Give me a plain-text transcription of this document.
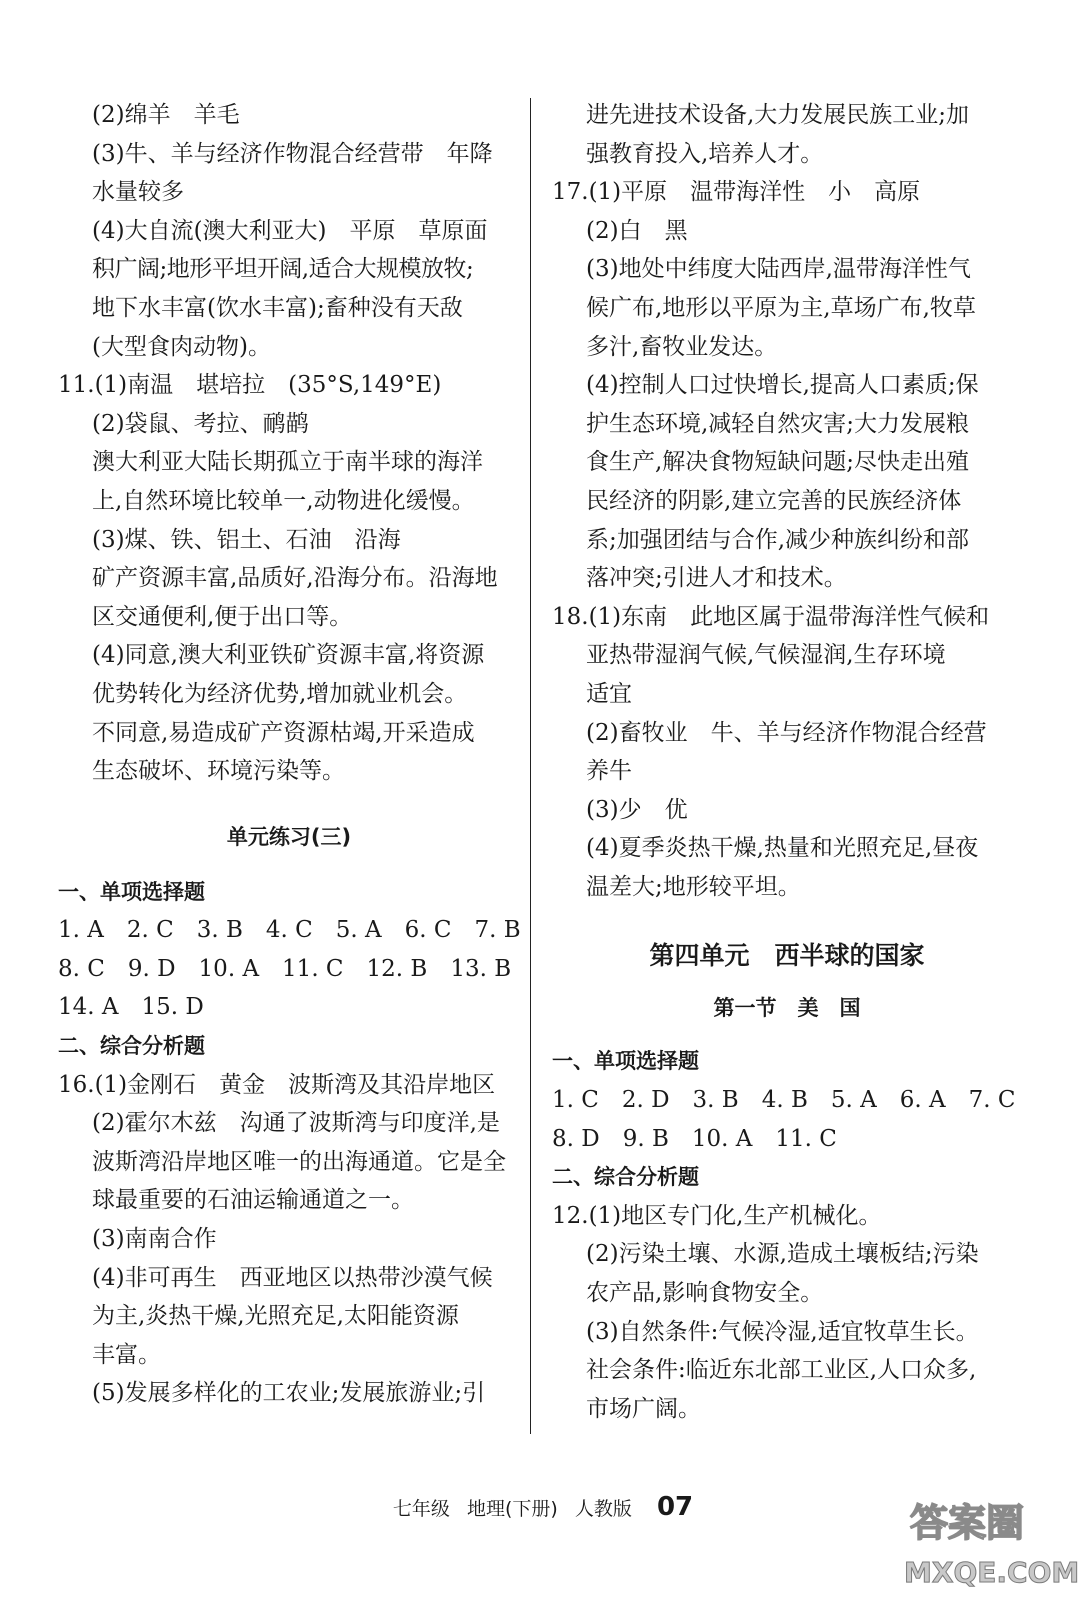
(2)绵羊　羊毛
(3)牛、羊与经济作物混合经营带　年降
水量较多
(4)大自流(澳大利亚大)　平原　草原面
积广阔;地形平坦开阔,适合大规模放牧;
地下水丰富(饮水丰富);畜种没有天敌
(大型食肉动物)。
11.(1)南温　堪培拉　(35°S,149°E)
(2)袋鼠、考拉、鸸鹋
澳大利亚大陆长期孤立于南半球的海洋
上,自然环境比较单一,动物进化缓慢。
(3)煤、铁、铝土、石油　沿海
矿产资源丰富,品质好,沿海分布。沿海地
区交通便利,便于出口等。
(4)同意,澳大利亚铁矿资源丰富,将资源
优势转化为经济优势,增加就业机会。
不同意,易造成矿产资源枯竭,开采造成
生态破坏、环境污染等。
单元练习(三)
一、单项选择题
1. A　2. C　3. B　4. C　5. A　6. C　7. B
8. C　9. D　10. A　11. C　12. B　13. B
14. A　15. D
二、综合分析题
16.(1)金刚石　黄金　波斯湾及其沿岸地区
(2)霍尔木兹　沟通了波斯湾与印度洋,是
波斯湾沿岸地区唯一的出海通道。它是全
球最重要的石油运输通道之一。
(3)南南合作
(4)非可再生　西亚地区以热带沙漠气候
为主,炎热干燥,光照充足,太阳能资源
丰富。
(5)发展多样化的工农业;发展旅游业;引
进先进技术设备,大力发展民族工业;加
强教育投入,培养人才。
17.(1)平原　温带海洋性　小　高原
(2)白　黑
(3)地处中纬度大陆西岸,温带海洋性气
候广布,地形以平原为主,草场广布,牧草
多汁,畜牧业发达。
(4)控制人口过快增长,提高人口素质;保
护生态环境,减轻自然灾害;大力发展粮
食生产,解决食物短缺问题;尽快走出殖
民经济的阴影,建立完善的民族经济体
系;加强团结与合作,减少种族纠纷和部
落冲突;引进人才和技术。
18.(1)东南　此地区属于温带海洋性气候和
亚热带湿润气候,气候湿润,生存环境
适宜
(2)畜牧业　牛、羊与经济作物混合经营
养牛
(3)少　优
(4)夏季炎热干燥,热量和光照充足,昼夜
温差大;地形较平坦。
第四单元　西半球的国家
第一节　美　国
一、单项选择题
1. C　2. D　3. B　4. B　5. A　6. A　7. C
8. D　9. B　10. A　11. C
二、综合分析题
12.(1)地区专门化,生产机械化。
(2)污染土壤、水源,造成土壤板结;污染
农产品,影响食物安全。
(3)自然条件:气候冷湿,适宜牧草生长。
社会条件:临近东北部工业区,人口众多,
市场广阔。
七年级 地理(下册) 人教版 07	答案圈
MXQE.COM
